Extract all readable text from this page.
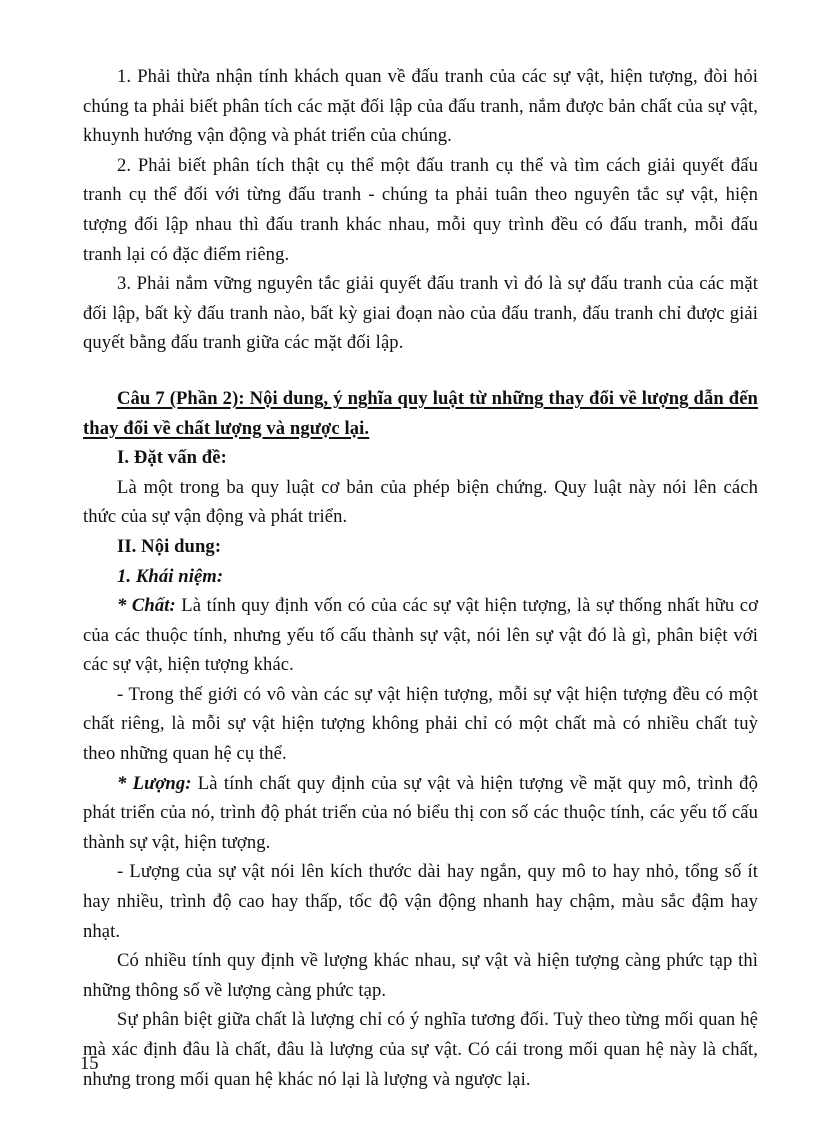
1. Phải thừa nhận tính khách quan về đấu tranh của các sự vật, hiện tượng, đòi hỏi chúng ta phải biết phân tích các mặt đối lập của đấu tranh, nắm được bản chất của sự vật, khuynh hướng vận động và phát triển của chúng.

2. Phải biết phân tích thật cụ thể một đấu tranh cụ thể và tìm cách giải quyết đấu tranh cụ thể đối với từng đấu tranh - chúng ta phải tuân theo nguyên tắc sự vật, hiện tượng đối lập nhau thì đấu tranh khác nhau, mỗi quy trình đều có đấu tranh, mỗi đấu tranh lại có đặc điểm riêng.

3. Phải nắm vững nguyên tắc giải quyết đấu tranh vì đó là sự đấu tranh của các mặt đối lập, bất kỳ đấu tranh nào, bất kỳ giai đoạn nào của đấu tranh, đấu tranh chỉ được giải quyết bằng đấu tranh giữa các mặt đối lập.

Câu 7 (Phần 2): Nội dung, ý nghĩa quy luật từ những thay đổi về lượng dẫn đến thay đổi về chất lượng và ngược lại.

I. Đặt vấn đề:

Là một trong ba quy luật cơ bản của phép biện chứng. Quy luật này nói lên cách thức của sự vận động và phát triển.

II. Nội dung:

1. Khái niệm:

* Chất: Là tính quy định vốn có của các sự vật hiện tượng, là sự thống nhất hữu cơ của các thuộc tính, nhưng yếu tố cấu thành sự vật, nói lên sự vật đó là gì, phân biệt với các sự vật, hiện tượng khác.

- Trong thế giới có vô vàn các sự vật hiện tượng, mỗi sự vật hiện tượng đều có một chất riêng, là mỗi sự vật hiện tượng không phải chỉ có một chất mà có nhiều chất tuỳ theo những quan hệ cụ thể.

* Lượng: Là tính chất quy định của sự vật và hiện tượng về mặt quy mô, trình độ phát triển của nó, trình độ phát triển của nó biểu thị con số các thuộc tính, các yếu tố cấu thành sự vật, hiện tượng.

- Lượng của sự vật nói lên kích thước dài hay ngắn, quy mô to hay nhỏ, tổng số ít hay nhiều, trình độ cao hay thấp, tốc độ vận động nhanh hay chậm, màu sắc đậm hay nhạt.

Có nhiều tính quy định về lượng khác nhau, sự vật và hiện tượng càng phức tạp thì những thông số về lượng càng phức tạp.

Sự phân biệt giữa chất là lượng chỉ có ý nghĩa tương đối. Tuỳ theo từng mối quan hệ mà xác định đâu là chất, đâu là lượng của sự vật. Có cái trong mối quan hệ này là chất, nhưng trong mối quan hệ khác nó lại là lượng và ngược lại.

15
